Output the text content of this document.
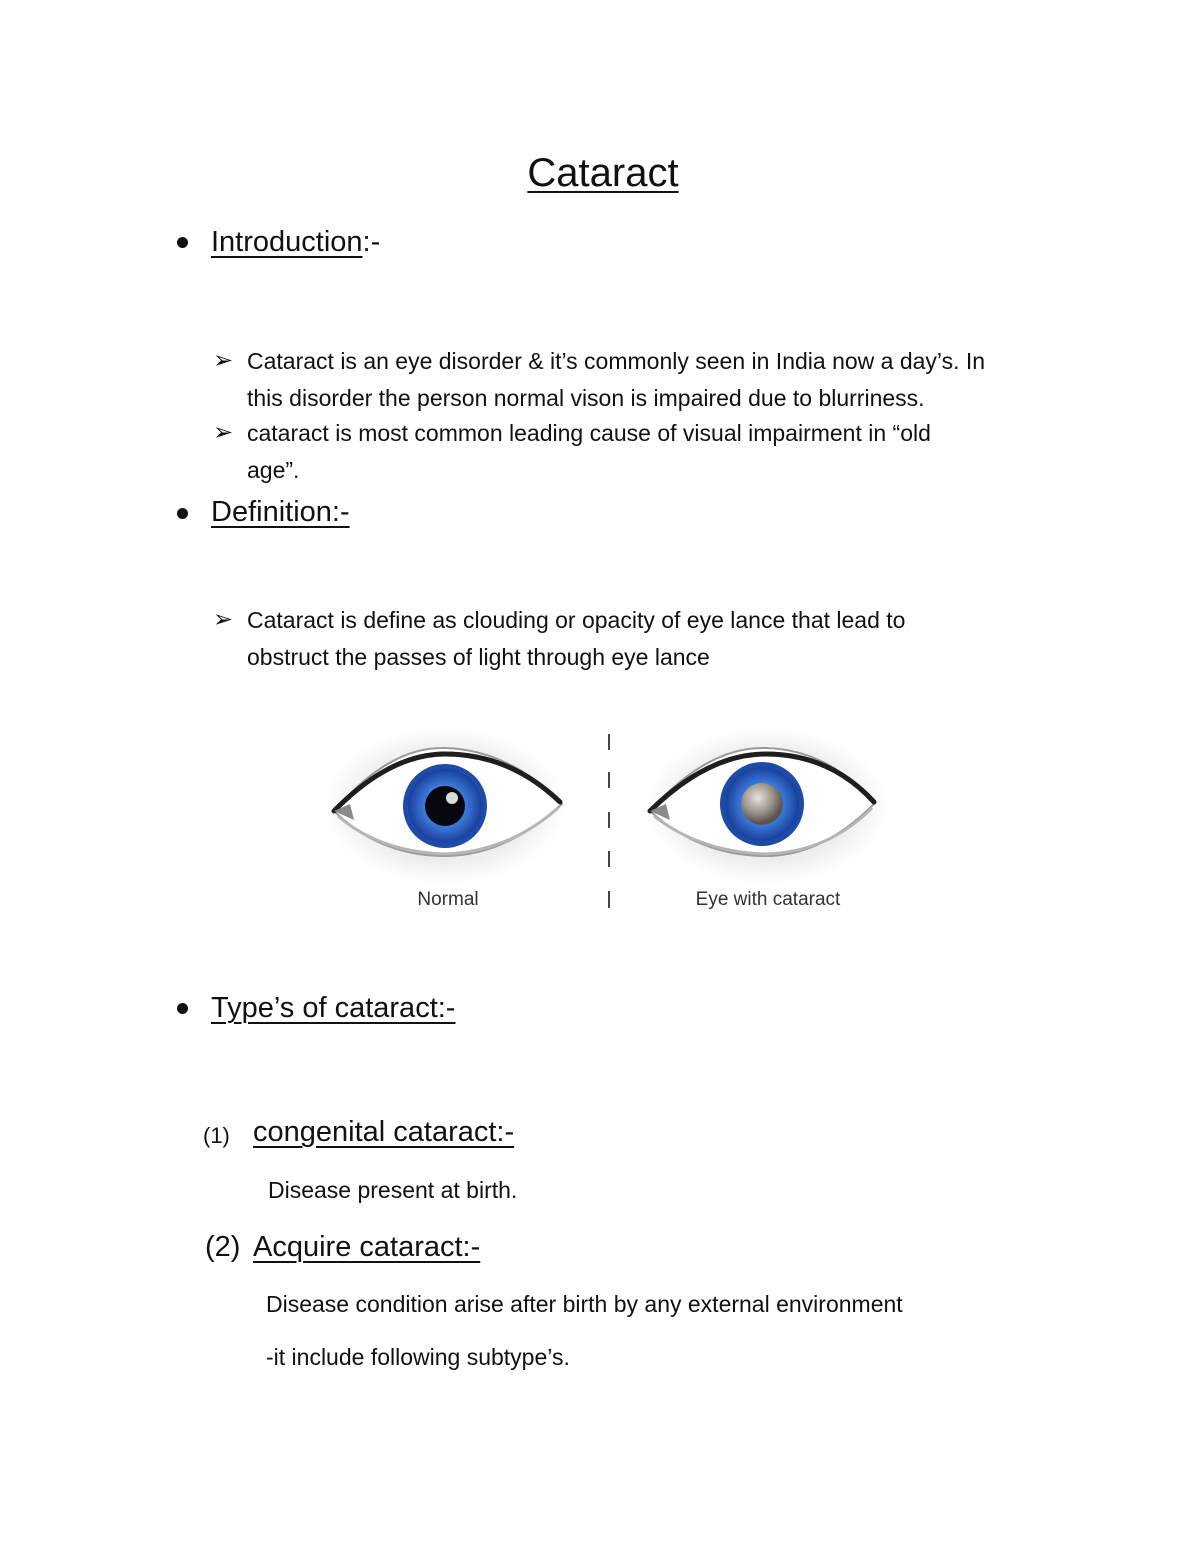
Cataract
Introduction:-
➢ Cataract is an eye disorder & it’s commonly seen in India now a day’s. In
this disorder the person normal vison is impaired due to blurriness.
➢ cataract is most common leading cause of visual impairment in “old
age”.
Definition:-
➢ Cataract is define as clouding or opacity of eye lance that lead to
obstruct the passes of light through eye lance
Normal	Eye with cataract
Type’s of cataract:-
(1) congenital cataract:-
Disease present at birth.
(2) Acquire cataract:-
Disease condition arise after birth by any external environment
-it include following subtype’s.
